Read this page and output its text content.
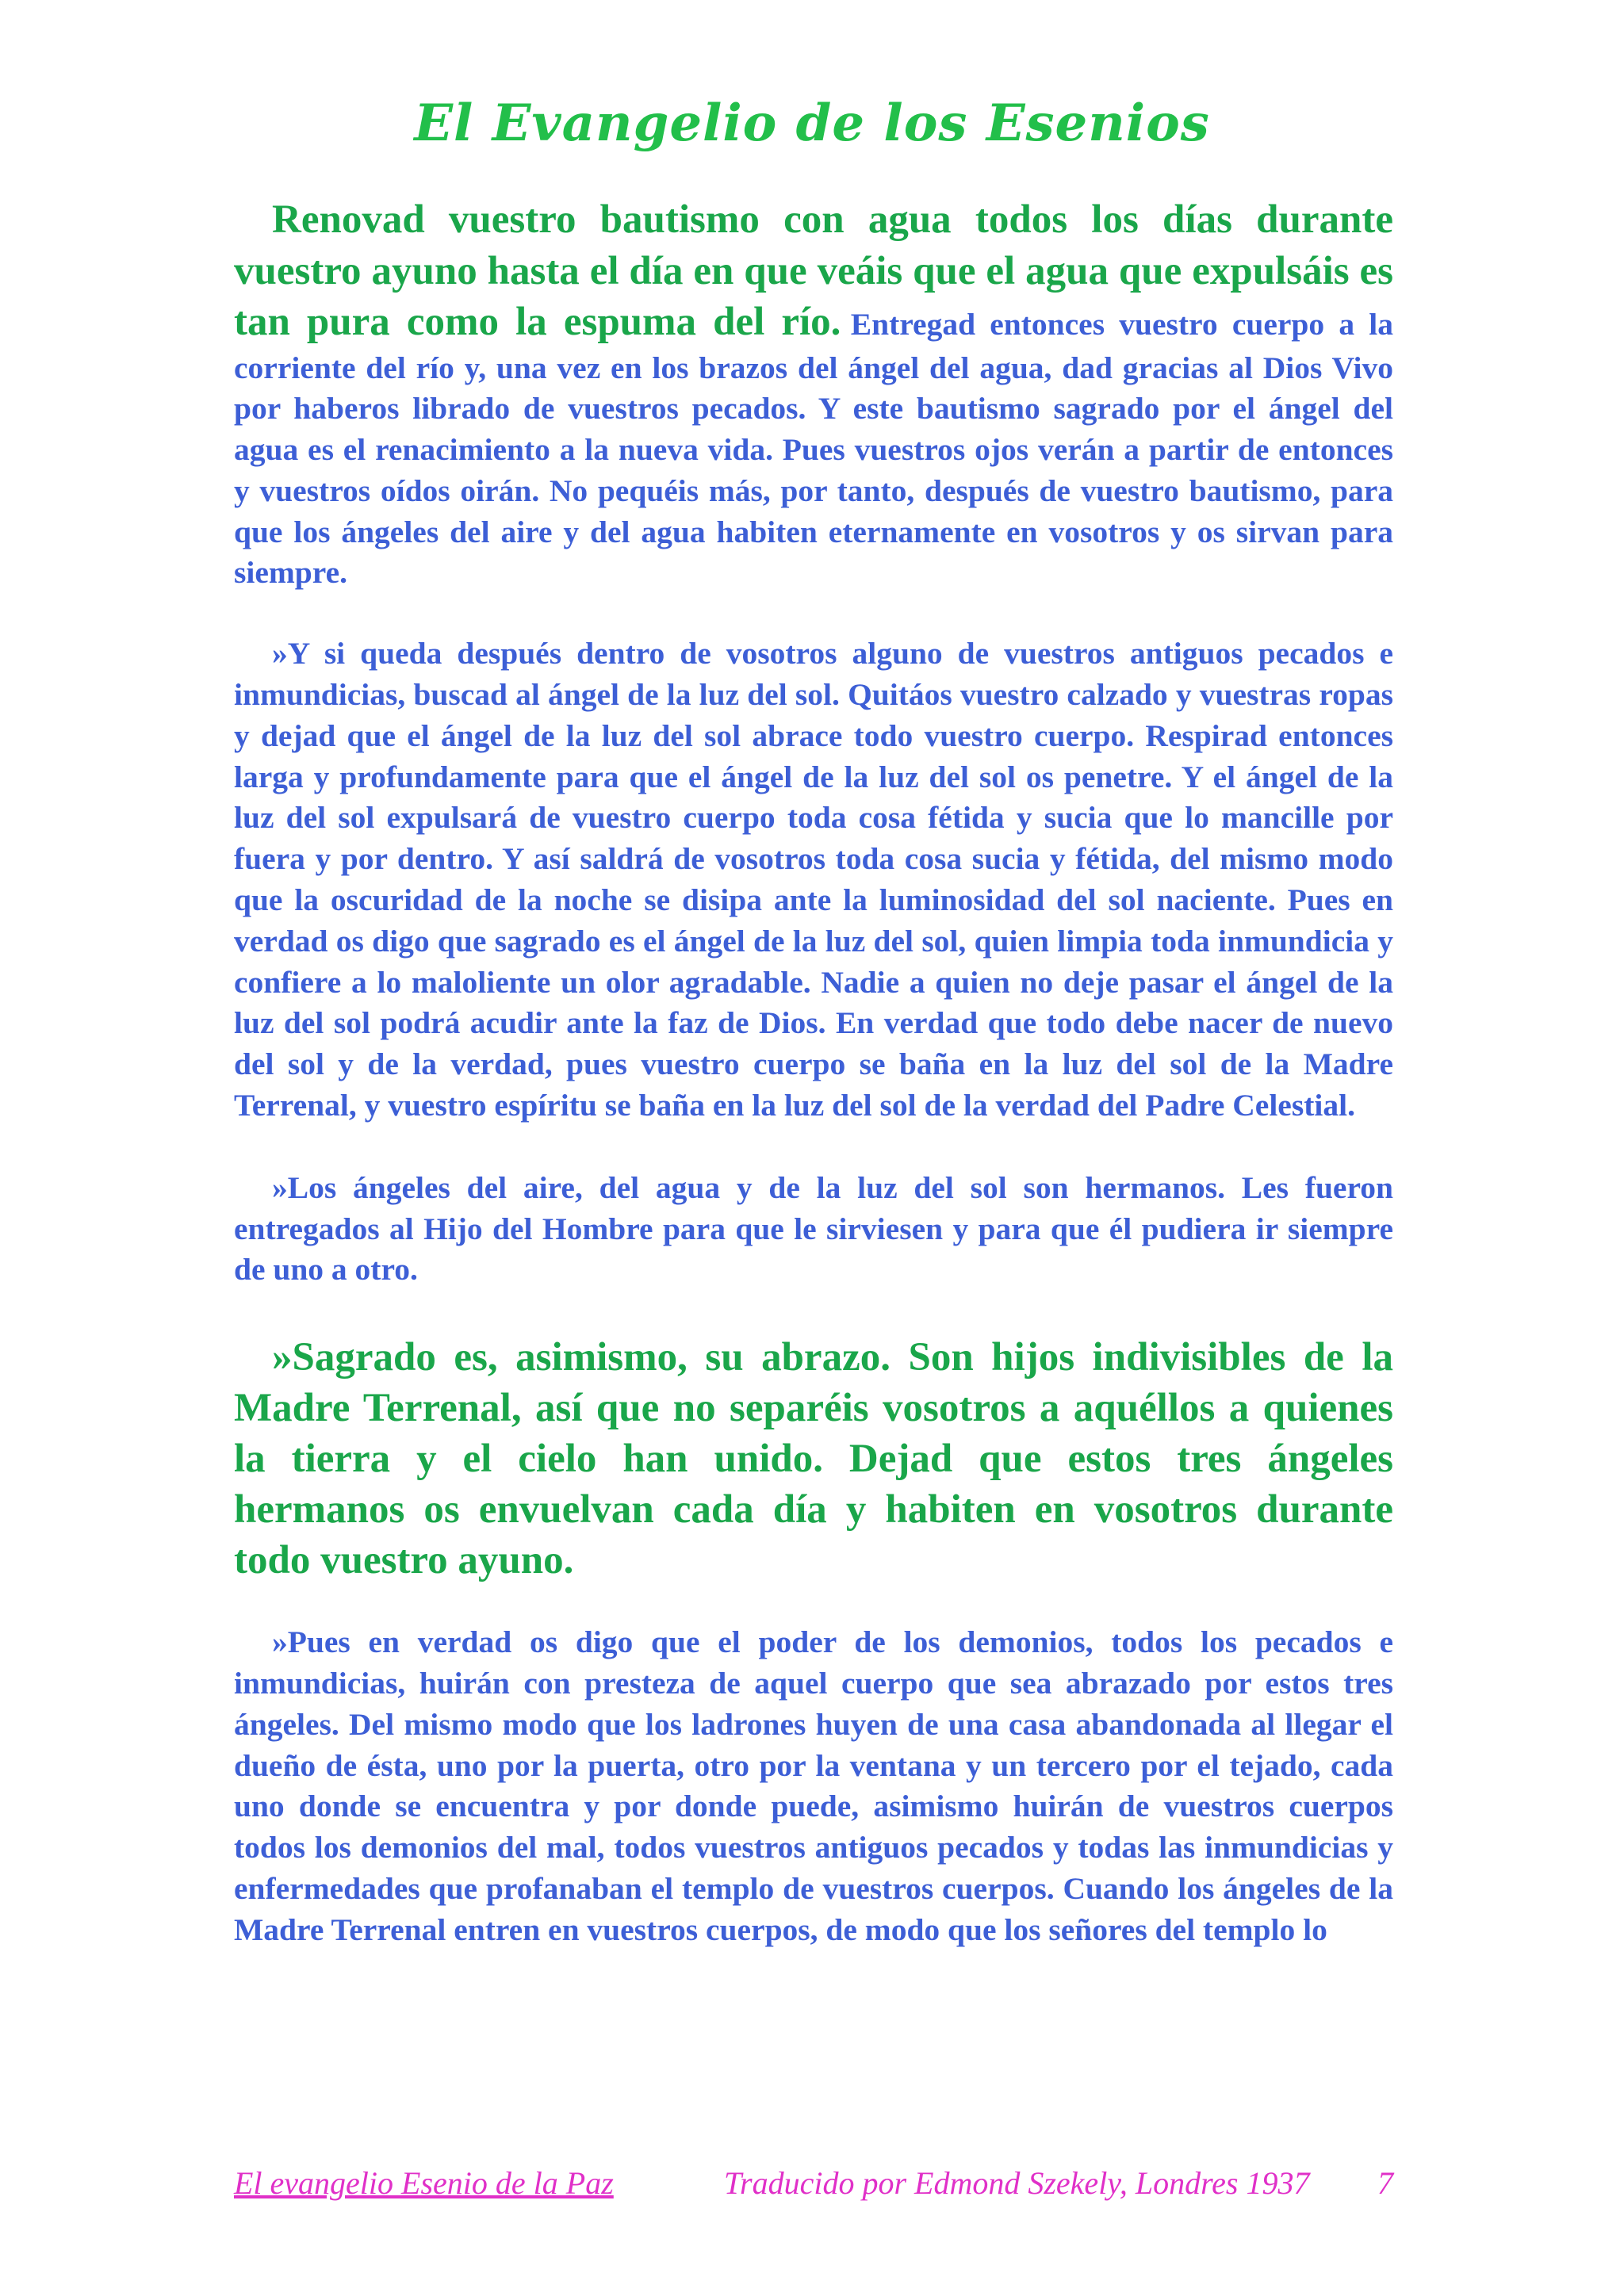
El Evangelio de los Esenios

Renovad vuestro bautismo con agua todos los días durante vuestro ayuno hasta el día en que veáis que el agua que expulsáis es tan pura como la espuma del río. Entregad entonces vuestro cuerpo a la corriente del río y, una vez en los brazos del ángel del agua, dad gracias al Dios Vivo por haberos librado de vuestros pecados. Y este bautismo sagrado por el ángel del agua es el renacimiento a la nueva vida. Pues vuestros ojos verán a partir de entonces y vuestros oídos oirán. No pequéis más, por tanto, después de vuestro bautismo, para que los ángeles del aire y del agua habiten eternamente en vosotros y os sirvan para siempre.

»Y si queda después dentro de vosotros alguno de vuestros antiguos pecados e inmundicias, buscad al ángel de la luz del sol. Quitáos vuestro calzado y vuestras ropas y dejad que el ángel de la luz del sol abrace todo vuestro cuerpo. Respirad entonces larga y profundamente para que el ángel de la luz del sol os penetre. Y el ángel de la luz del sol expulsará de vuestro cuerpo toda cosa fétida y sucia que lo mancille por fuera y por dentro. Y así saldrá de vosotros toda cosa sucia y fétida, del mismo modo que la oscuridad de la noche se disipa ante la luminosidad del sol naciente. Pues en verdad os digo que sagrado es el ángel de la luz del sol, quien limpia toda inmundicia y confiere a lo maloliente un olor agradable. Nadie a quien no deje pasar el ángel de la luz del sol podrá acudir ante la faz de Dios. En verdad que todo debe nacer de nuevo del sol y de la verdad, pues vuestro cuerpo se baña en la luz del sol de la Madre Terrenal, y vuestro espíritu se baña en la luz del sol de la verdad del Padre Celestial.

»Los ángeles del aire, del agua y de la luz del sol son hermanos. Les fueron entregados al Hijo del Hombre para que le sirviesen y para que él pudiera ir siempre de uno a otro.

»Sagrado es, asimismo, su abrazo. Son hijos indivisibles de la Madre Terrenal, así que no separéis vosotros a aquéllos a quienes la tierra y el cielo han unido. Dejad que estos tres ángeles hermanos os envuelvan cada día y habiten en vosotros durante todo vuestro ayuno.

»Pues en verdad os digo que el poder de los demonios, todos los pecados e inmundicias, huirán con presteza de aquel cuerpo que sea abrazado por estos tres ángeles. Del mismo modo que los ladrones huyen de una casa abandonada al llegar el dueño de ésta, uno por la puerta, otro por la ventana y un tercero por el tejado, cada uno donde se encuentra y por donde puede, asimismo huirán de vuestros cuerpos todos los demonios del mal, todos vuestros antiguos pecados y todas las inmundicias y enfermedades que profanaban el templo de vuestros cuerpos. Cuando los ángeles de la Madre Terrenal entren en vuestros cuerpos, de modo que los señores del templo lo

El evangelio Esenio de la Paz	Traducido por Edmond Szekely, Londres 1937 7
